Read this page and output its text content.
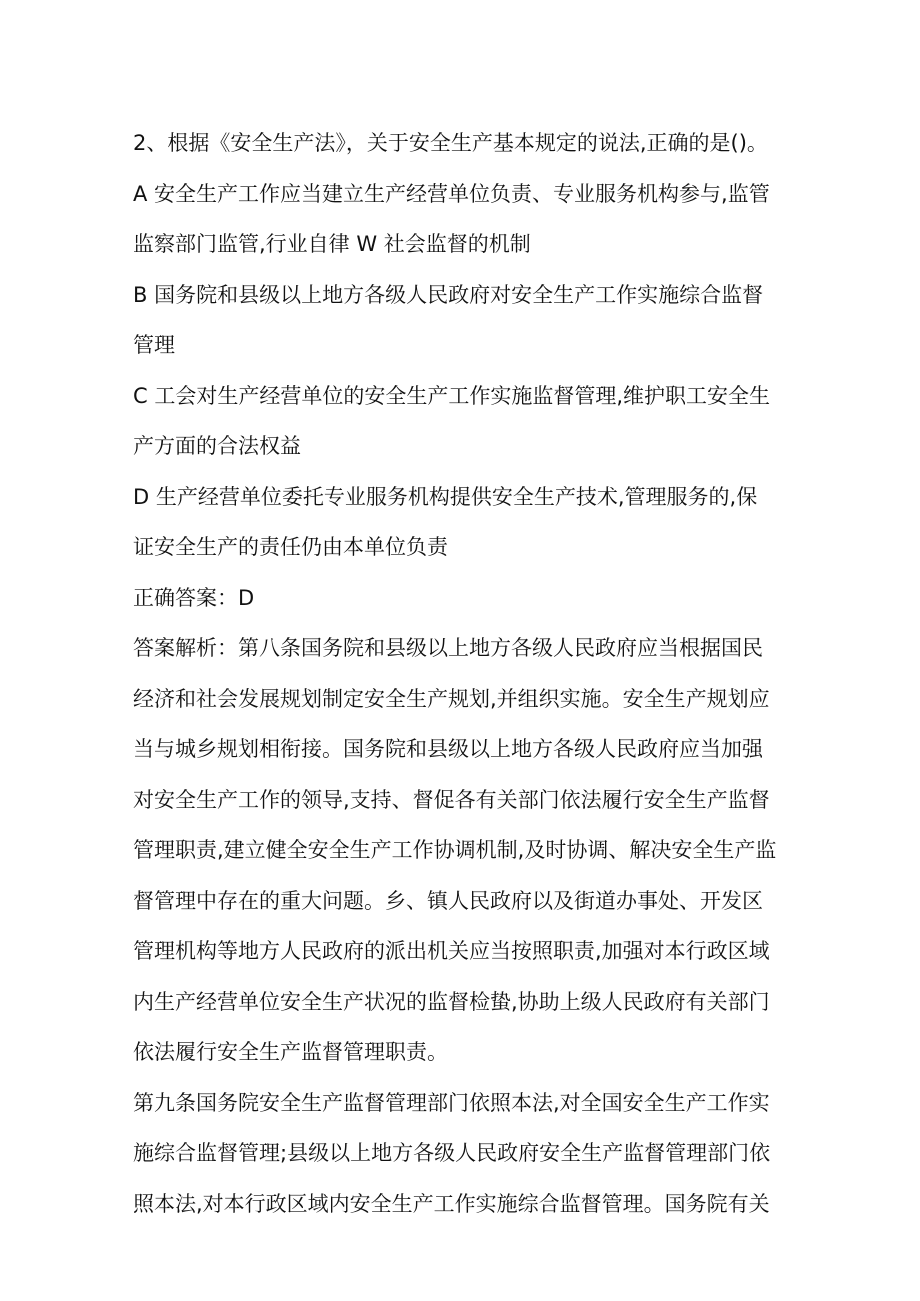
2、根据《安全生产法》，关于安全生产基本规定的说法,正确的是()。
A 安全生产工作应当建立生产经营单位负责、专业服务机构参与,监管
监察部门监管,行业自律 W 社会监督的机制
B 国务院和县级以上地方各级人民政府对安全生产工作实施综合监督
管理
C 工会对生产经营单位的安全生产工作实施监督管理,维护职工安全生
产方面的合法权益
D 生产经营单位委托专业服务机构提供安全生产技术,管理服务的,保
证安全生产的责任仍由本单位负责
正确答案：D
答案解析：第八条国务院和县级以上地方各级人民政府应当根据国民
经济和社会发展规划制定安全生产规划,并组织实施。安全生产规划应
当与城乡规划相衔接。国务院和县级以上地方各级人民政府应当加强
对安全生产工作的领导,支持、督促各有关部门依法履行安全生产监督
管理职责,建立健全安全生产工作协调机制,及时协调、解决安全生产监
督管理中存在的重大问题。乡、镇人民政府以及街道办事处、开发区
管理机构等地方人民政府的派出机关应当按照职责,加强对本行政区域
内生产经营单位安全生产状况的监督检蛰,协助上级人民政府有关部门
依法履行安全生产监督管理职责。
第九条国务院安全生产监督管理部门依照本法,对全国安全生产工作实
施综合监督管理;县级以上地方各级人民政府安全生产监督管理部门依
照本法,对本行政区域内安全生产工作实施综合监督管理。国务院有关
